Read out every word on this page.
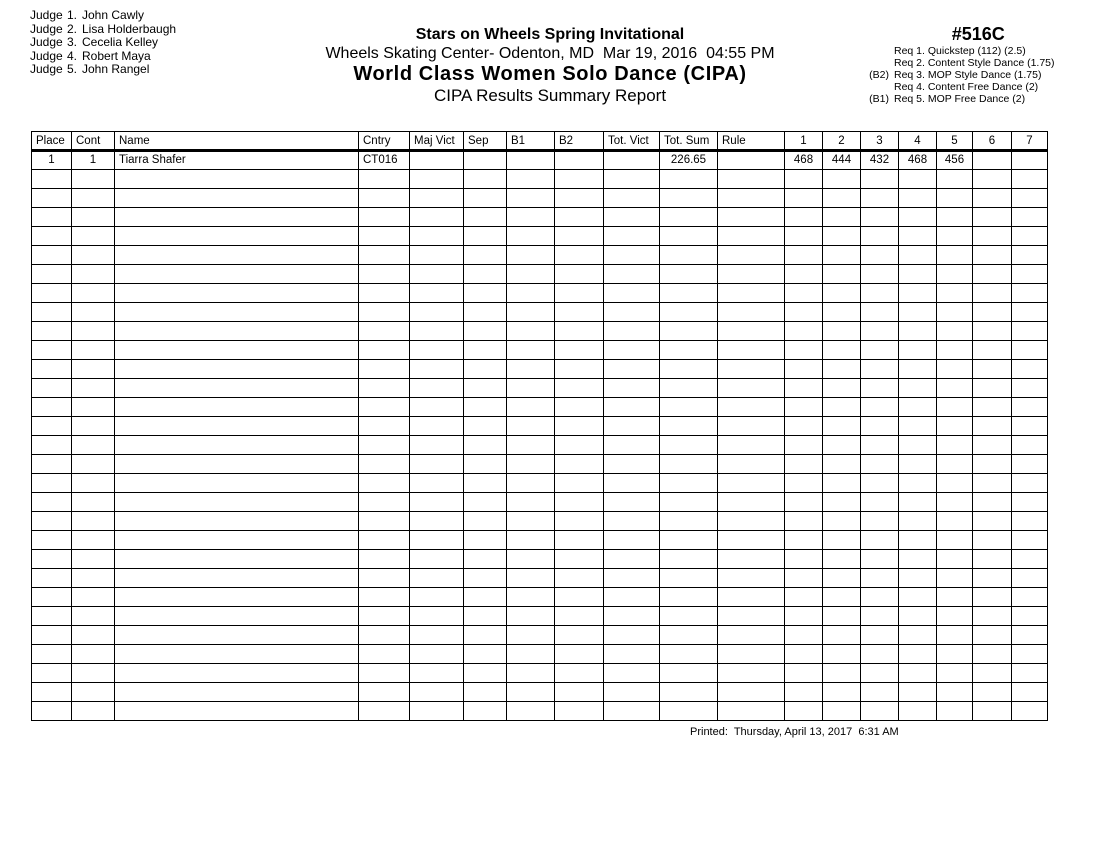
Judge 1. John Cawly
Judge 2. Lisa Holderbaugh
Judge 3. Cecelia Kelley
Judge 4. Robert Maya
Judge 5. John Rangel
Stars on Wheels Spring Invitational
Wheels Skating Center- Odenton, MD  Mar 19, 2016  04:55 PM
World Class Women Solo Dance (CIPA)
CIPA Results Summary Report
#516C
Req 1. Quickstep (112) (2.5)
Req 2. Content Style Dance (1.75)
(B2) Req 3. MOP Style Dance (1.75)
Req 4. Content Free Dance (2)
(B1) Req 5. MOP Free Dance (2)
Place	Cont	Name	Cntry	Maj Vict	Sep	B1	B2	Tot. Vict	Tot. Sum	Rule	1	2	3	4	5	6	7
1	1	Tiarra Shafer	CT016						226.65		468	444	432	468	456		

Printed:  Thursday, April 13, 2017  6:31 AM
